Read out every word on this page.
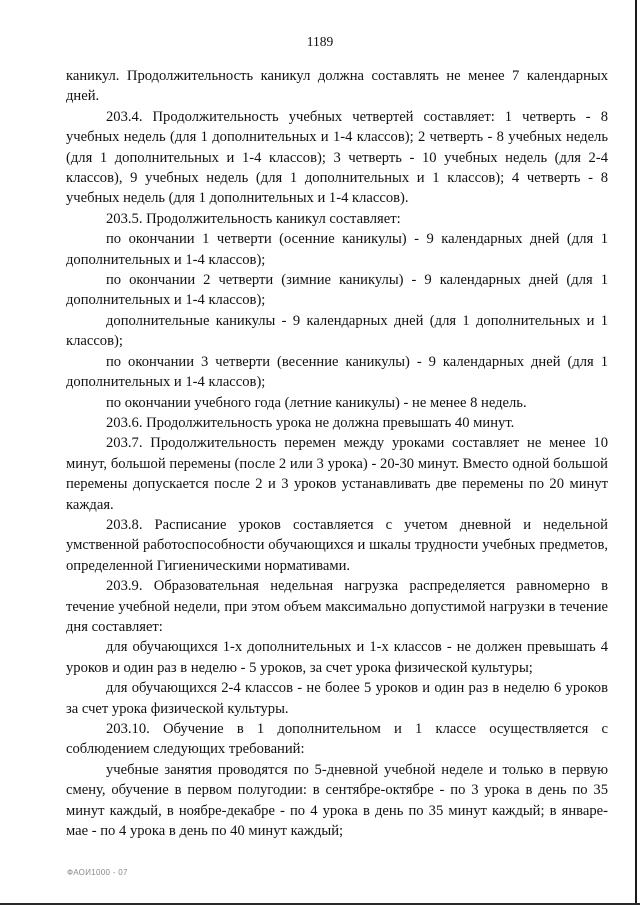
1189

каникул. Продолжительность каникул должна составлять не менее 7 календарных дней.

203.4. Продолжительность учебных четвертей составляет: 1 четверть - 8 учебных недель (для 1 дополнительных и 1-4 классов); 2 четверть - 8 учебных недель (для 1 дополнительных и 1-4 классов); 3 четверть - 10 учебных недель (для 2-4 классов), 9 учебных недель (для 1 дополнительных и 1 классов); 4 четверть - 8 учебных недель (для 1 дополнительных и 1-4 классов).

203.5. Продолжительность каникул составляет:

по окончании 1 четверти (осенние каникулы) - 9 календарных дней (для 1 дополнительных и 1-4 классов);

по окончании 2 четверти (зимние каникулы) - 9 календарных дней (для 1 дополнительных и 1-4 классов);

дополнительные каникулы - 9 календарных дней (для 1 дополнительных и 1 классов);

по окончании 3 четверти (весенние каникулы) - 9 календарных дней (для 1 дополнительных и 1-4 классов);

по окончании учебного года (летние каникулы) - не менее 8 недель.

203.6. Продолжительность урока не должна превышать 40 минут.

203.7. Продолжительность перемен между уроками составляет не менее 10 минут, большой перемены (после 2 или 3 урока) - 20-30 минут. Вместо одной большой перемены допускается после 2 и 3 уроков устанавливать две перемены по 20 минут каждая.

203.8. Расписание уроков составляется с учетом дневной и недельной умственной работоспособности обучающихся и шкалы трудности учебных предметов, определенной Гигиеническими нормативами.

203.9. Образовательная недельная нагрузка распределяется равномерно в течение учебной недели, при этом объем максимально допустимой нагрузки в течение дня составляет:

для обучающихся 1-х дополнительных и 1-х классов - не должен превышать 4 уроков и один раз в неделю - 5 уроков, за счет урока физической культуры;

для обучающихся 2-4 классов - не более 5 уроков и один раз в неделю 6 уроков за счет урока физической культуры.

203.10. Обучение в 1 дополнительном и 1 классе осуществляется с соблюдением следующих требований:

учебные занятия проводятся по 5-дневной учебной неделе и только в первую смену, обучение в первом полугодии: в сентябре-октябре - по 3 урока в день по 35 минут каждый, в ноябре-декабре - по 4 урока в день по 35 минут каждый; в январе-мае - по 4 урока в день по 40 минут каждый;

ФАОИ1000 - 07
